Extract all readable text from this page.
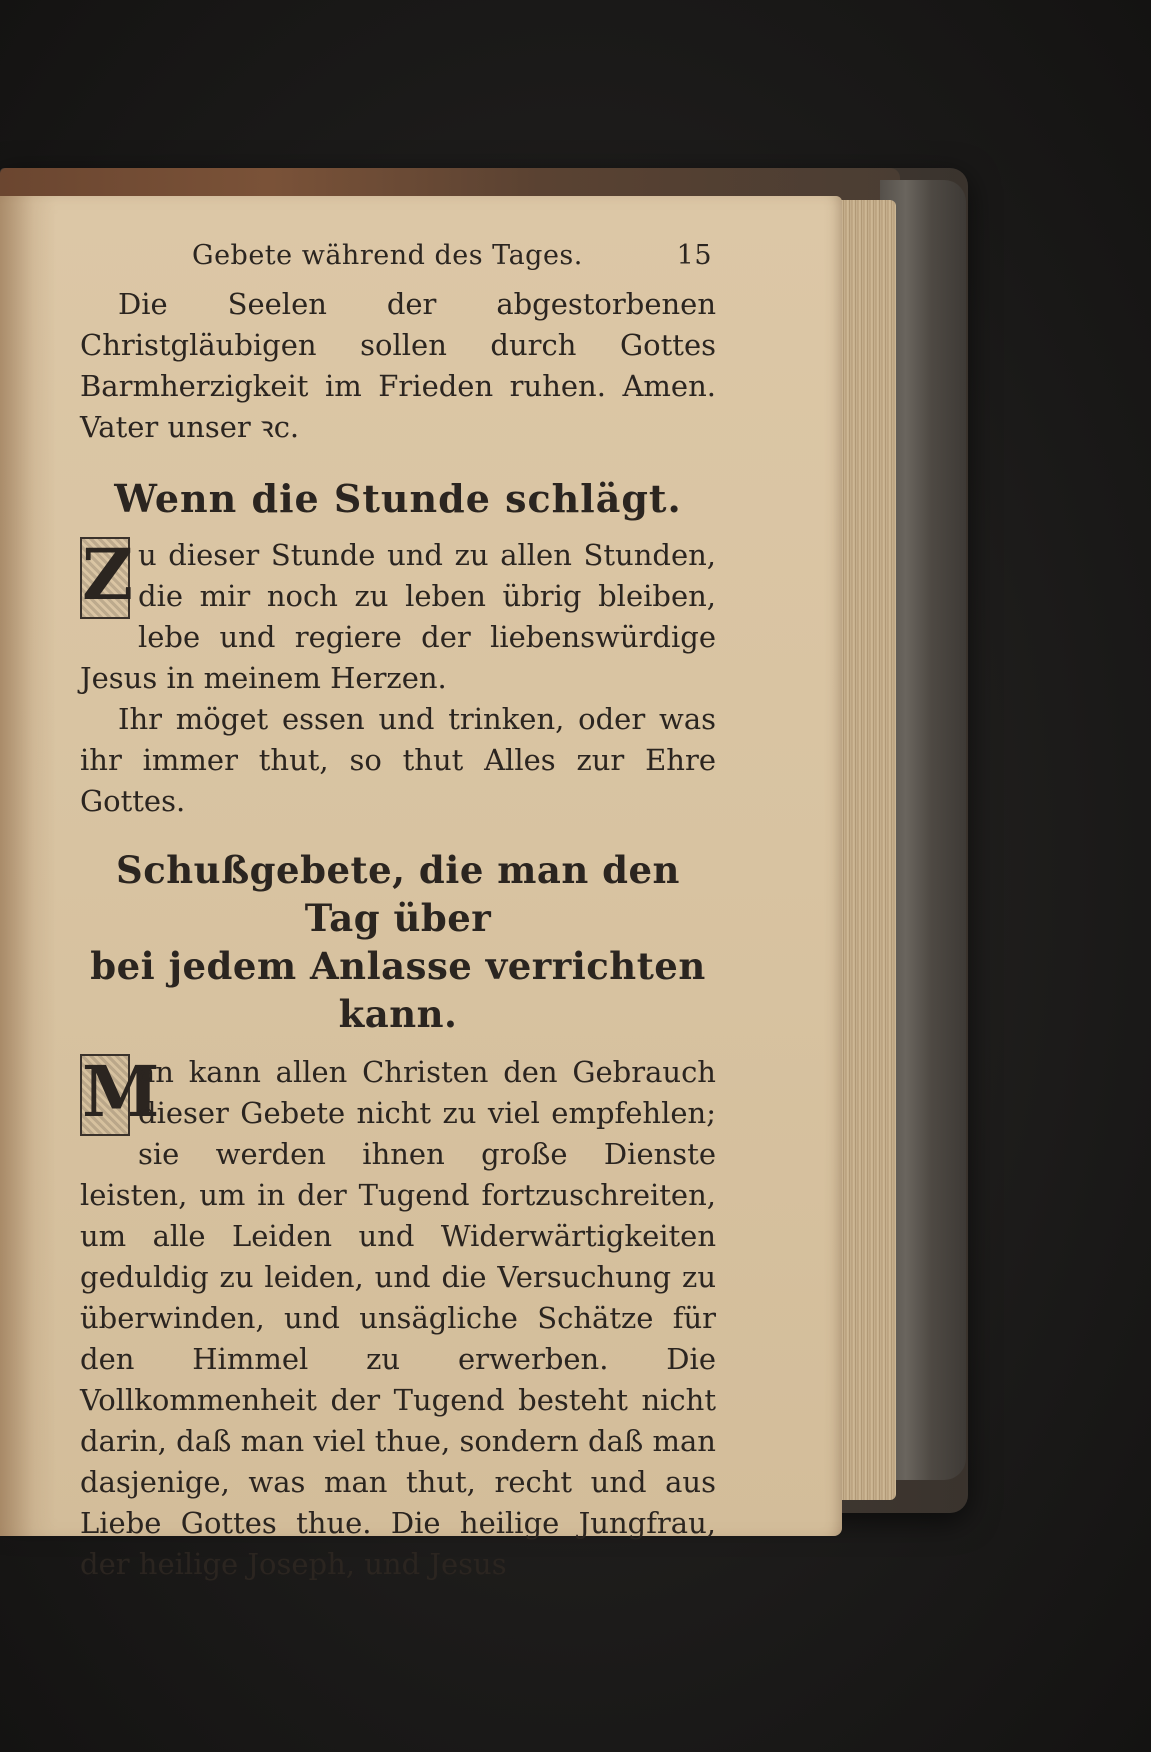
Gebete während des Tages.	15

Die Seelen der abgestorbenen Christgläubigen sollen durch Gottes Barmherzigkeit im Frieden ruhen. Amen. Vater unser ꝛc.

Wenn die Stunde schlägt.

Z u dieser Stunde und zu allen Stunden, die mir noch zu leben übrig bleiben, lebe und regiere der liebenswürdige Jesus in meinem Herzen.

Ihr möget essen und trinken, oder was ihr immer thut, so thut Alles zur Ehre Gottes.

Schußgebete, die man den Tag über
bei jedem Anlasse verrichten kann.

M
an kann allen Christen den Gebrauch dieser Gebete nicht zu viel empfehlen; sie werden ihnen große Dienste leisten, um in der Tugend fortzuschreiten, um alle Leiden und Widerwärtigkeiten geduldig zu leiden, und die Versuchung zu überwinden, und unsägliche Schätze für den Himmel zu erwerben. Die Vollkommenheit der Tugend besteht nicht darin, daß man viel thue, sondern daß man dasjenige, was man thut, recht und aus Liebe Gottes thue. Die heilige Jungfrau, der heilige Joseph, und Jesus
